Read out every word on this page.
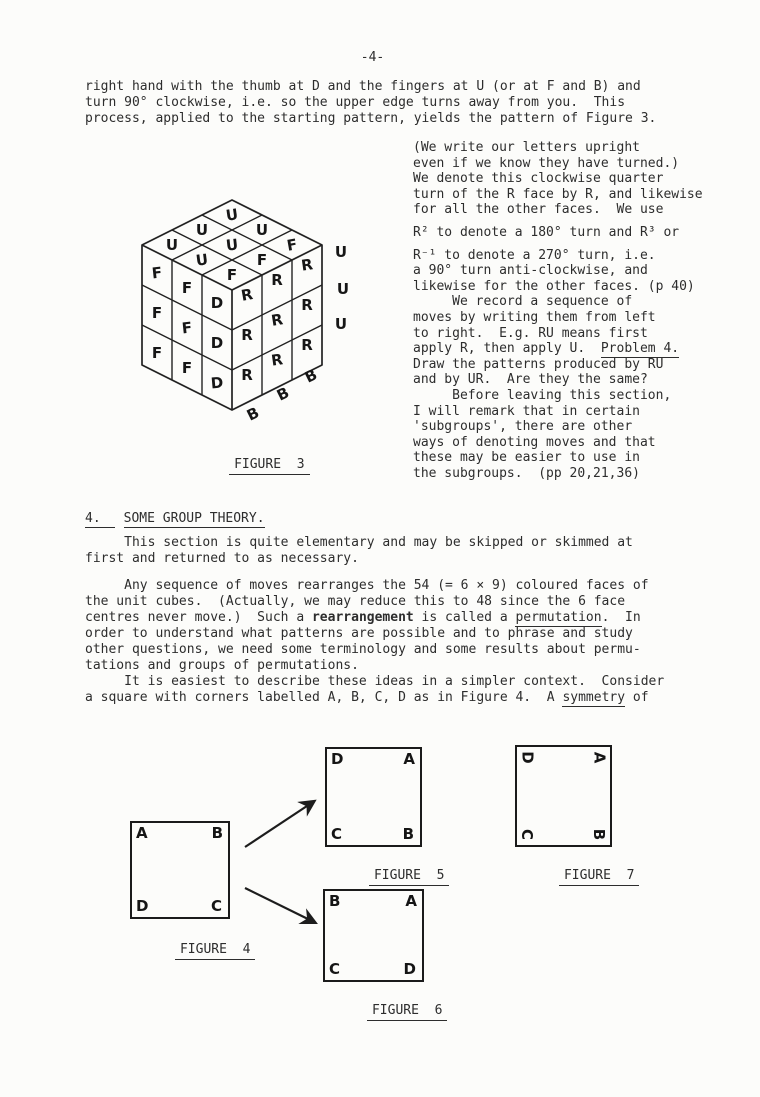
-4-
right hand with the thumb at D and the fingers at U (or at F and B) and
turn 90° clockwise, i.e. so the upper edge turns away from you.  This
process, applied to the starting pattern, yields the pattern of Figure 3.
U
U
F
U
U
F
U
U
F
F
F
D
F
F
D
F
F
D
R
R
R
R
R
R
R
R
R
U
U
U
B
B
B

FIGURE  3

(We write our letters upright
even if we know they have turned.)
We denote this clockwise quarter
turn of the R face by R, and likewise
for all the other faces.  We use
R² to denote a 180° turn and R³ or
R⁻¹ to denote a 270° turn, i.e.
a 90° turn anti-clockwise, and
likewise for the other faces. (p 40)
We record a sequence of
moves by writing them from left
to right.  E.g. RU means first
apply R, then apply U.  Problem 4.
Draw the patterns produced by RU
and by UR.  Are they the same?
Before leaving this section,
I will remark that in certain
'subgroups', there are other
ways of denoting moves and that
these may be easier to use in
the subgroups.  (pp 20,21,36)
4. SOME GROUP THEORY.
This section is quite elementary and may be skipped or skimmed at
first and returned to as necessary.
Any sequence of moves rearranges the 54 (= 6 × 9) coloured faces of
the unit cubes.  (Actually, we may reduce this to 48 since the 6 face
centres never move.)  Such a rearrangement is called a permutation.  In
order to understand what patterns are possible and to phrase and study
other questions, we need some terminology and some results about permu-
tations and groups of permutations.
It is easiest to describe these ideas in a simpler context.  Consider
a square with corners labelled A, B, C, D as in Figure 4.  A symmetry of
A	B
D	C

FIGURE  4

D	A
C	B

FIGURE  5

B	A
C	D

FIGURE  6

D	A
C	B

FIGURE  7
